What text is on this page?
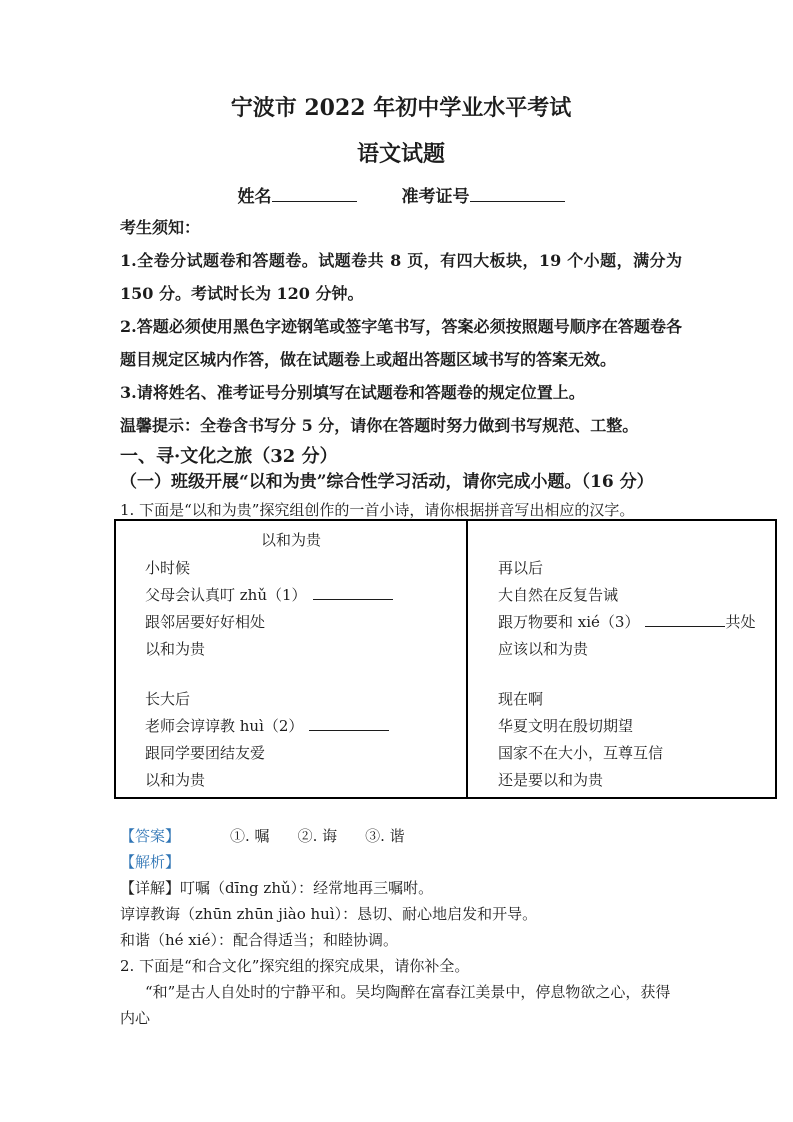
宁波市 2022 年初中学业水平考试
语文试题
姓名	准考证号

考生须知：

1.全卷分试题卷和答题卷。试题卷共 8 页，有四大板块，19 个小题，满分为 150 分。考试时长为 120 分钟。

2.答题必须使用黑色字迹钢笔或签字笔书写，答案必须按照题号顺序在答题卷各题目规定区城内作答，做在试题卷上或超出答题区域书写的答案无效。

3.请将姓名、准考证号分别填写在试题卷和答题卷的规定位置上。

温馨提示：全卷含书写分 5 分，请你在答题时努力做到书写规范、工整。

一、寻·文化之旅（32 分）

（一）班级开展“以和为贵”综合性学习活动，请你完成小题。（16 分）

1. 下面是“以和为贵”探究组创作的一首小诗，请你根据拼音写出相应的汉字。

以和为贵

小时候

父母会认真叮 zhǔ（1）

跟邻居要好好相处

以和为贵

长大后

老师会谆谆教 huì（2）

跟同学要团结友爱

以和为贵

再以后

大自然在反复告诫

跟万物要和 xié（3）	共处

应该以和为贵

现在啊

华夏文明在殷切期望

国家不在大小，互尊互信

还是要以和为贵

【答案】	①. 嘱 ②. 诲 ③. 谐

【解析】

【详解】叮嘱（dīng zhǔ）：经常地再三嘱咐。

谆谆教诲（zhūn zhūn jiào huì）：恳切、耐心地启发和开导。

和谐（hé xié）：配合得适当；和睦协调。

2. 下面是“和合文化”探究组的探究成果，请你补全。

“和”是古人自处时的宁静平和。吴均陶醉在富春江美景中，停息物欲之心，获得内心
